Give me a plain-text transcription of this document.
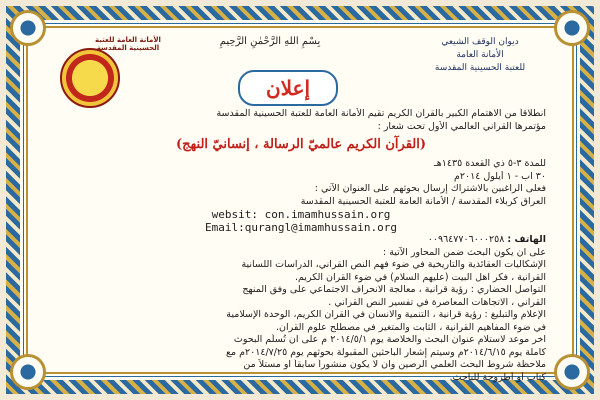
بِسْمِ اللهِ الرَّحْمٰنِ الرَّحِيمِ
الأمانة العامة للعتبة الحسينية المقدسة
ديوان الوقف الشيعي
الأمانة العامة
للعتبة الحسينية المقدسة
إعلان
انطلاقاً من الاهتمام الكبير بالقرآن الكريم تقيم الأمانة العامة للعتبة الحسينية المقدسة
مؤتمرها القرآني العالمي الأول تحت شعار :
(القرآن الكريم عالميّ الرسالة ، إنسانيّ النهج)
للمدة ٣-٥ ذي القعدة ١٤٣٥هـ
٣٠ آب - ١ أيلول ٢٠١٤م
فعلى الراغبين بالاشتراك إرسال بحوثهم على العنوان الآتي :
العراق كربلاء المقدسة / الأمانة العامة للعتبة الحسينية المقدسة
websit: con.imamhussain.org
Email:qurangl@imamhussain.org
الهاتف : ٠٠٩٦٤٧٧٠٦٠٠٠٢٥٨
على ان يكون البحث ضمن المحاور الآتية :
الإشكاليات العقائدية والتاريخية في ضوء فهم النص القرآني، الدراسات اللسانية
القرآنية ، فكر اهل البيت (عليهم السلام) في ضوء القرآن الكريم.
التواصل الحضاري : رؤية قرآنية ، معالجة الانحراف الاجتماعي على وفق المنهج
القرآني ، الاتجاهات المعاصرة في تفسير النص القرآني .
الإعلام والتبليغ : رؤية قرآنية ، التنمية والانسان في القرآن الكريم، الوحدة الإسلامية
في ضوء المفاهيم القرآنية ، الثابت والمتغير في مصطلح علوم القرآن.
آخر موعد لاستلام عنوان البحث والخلاصة يوم ٢٠١٤/٥/١ م على ان تُسلَّم البحوث
كاملة يوم ٢٠١٤/٦/١٥م وسيتم إشعار الباحثين المقبولة بحوثهم يوم ٢٠١٤/٧/٢٥م مع
ملاحظة شروط البحث العلمي الرصين وان لا يكون منشوراً سابقاً او مستلاً من
كتاب أو أطروحة للباحث.
